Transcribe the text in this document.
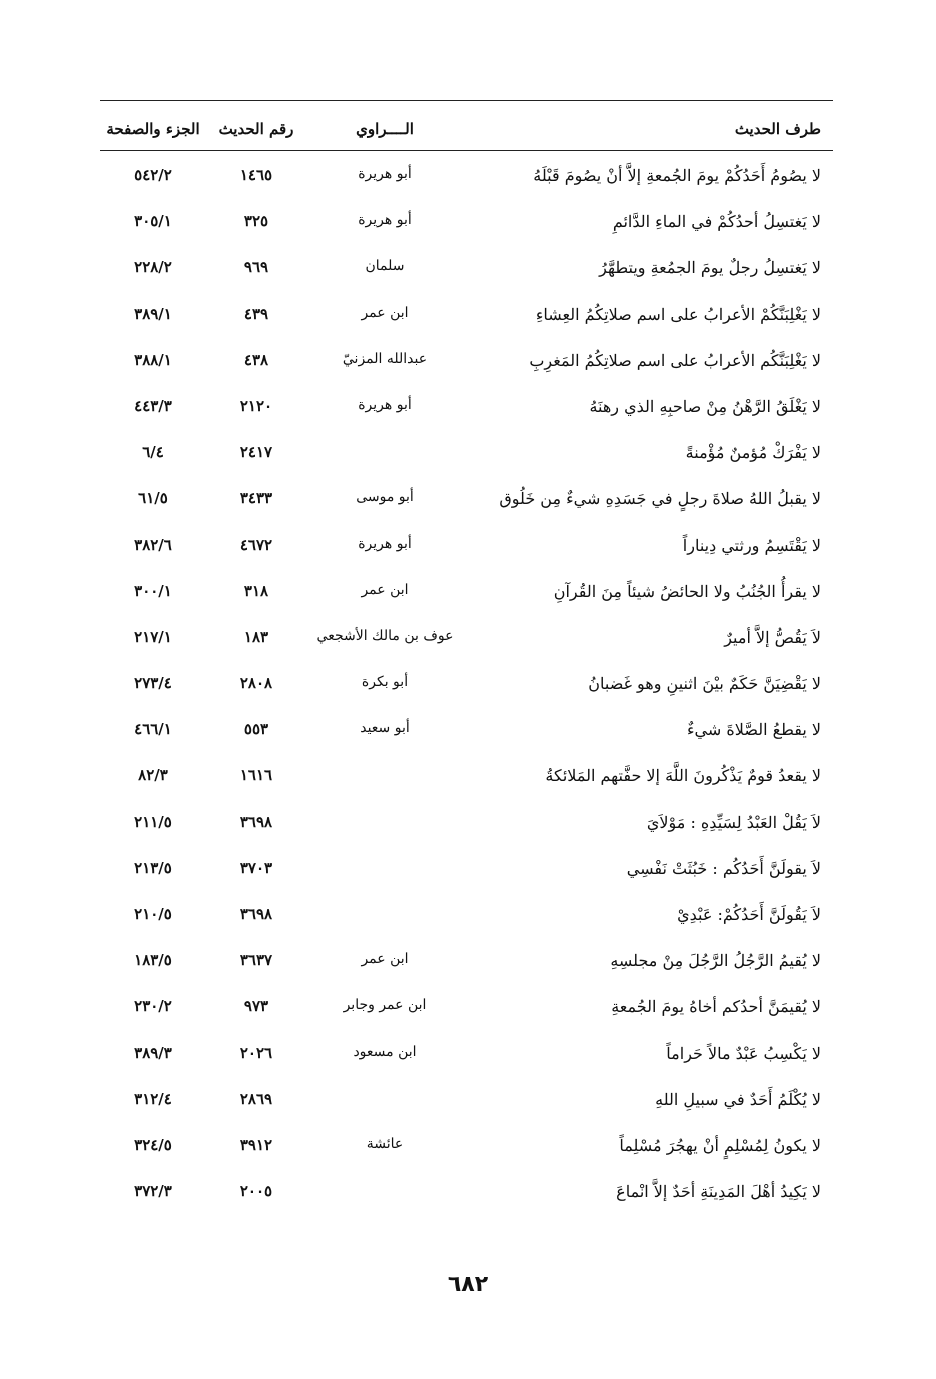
طرف الحديث
الــــراوي
رقم الحديث
الجزء والصفحة
لا يصُومُ أَحَدُكُمْ يومَ الجُمعةِ إلاَّ أنْ يصُومَ قَبْلَهُ
أبو هريرة
١٤٦٥
٥٤٢/٢
لا يَغتسِلُ أحدُكُمْ في الماءِ الدَّائمِ
أبو هريرة
٣٢٥
٣٠٥/١
لا يَغتسِلُ رجلٌ يومَ الجمُعةِ ويتطهَّرُ
سلمان
٩٦٩
٢٢٨/٢
لا يَغْلِبَنَّكُمْ الأعرابُ على اسم صلاتِكُمُ العِشاءِ
ابن عمر
٤٣٩
٣٨٩/١
لا يَغْلِبَنَّكُم الأعرابُ على اسم صلاتِكُمُ المَغرِبِ
عبدالله المزنيّ
٤٣٨
٣٨٨/١
لا يَغْلَقُ الرَّهْنُ مِنْ صاحبِهِ الذي رهنَهُ
أبو هريرة
٢١٢٠
٤٤٣/٣
لا يَفْرَكْ مُؤمنٌ مُؤْمنةً
٢٤١٧
٦/٤
لا يقبلُ اللهُ صلاةَ رجلٍ في جَسَدِهِ شيءٌ مِن خَلُوق
أبو موسى
٣٤٣٣
٦١/٥
لا يَقْتَسِمُ ورثتي دِيناراً
أبو هريرة
٤٦٧٢
٣٨٢/٦
لا يقرأُ الجُنُبُ ولا الحائضُ شيئاً مِنَ القُرآنِ
ابن عمر
٣١٨
٣٠٠/١
لاَ يَقُصُّ إلاَّ أميرٌ
عوف بن مالك الأشجعي
١٨٣
٢١٧/١
لا يَقْضِيَنَّ حَكَمٌ بيْنَ اثنينِ وهو غَضبانُ
أبو بكرة
٢٨٠٨
٢٧٣/٤
لا يقطعُ الصَّلاةَ شيءٌ
أبو سعيد
٥٥٣
٤٦٦/١
لا يقعدُ قومٌ يَذْكُرونَ اللَّهَ إلا حفَّتهم المَلائكةُ
١٦١٦
٨٢/٣
لاَ يَقُلْ العَبْدُ لِسَيِّدِهِ : مَوْلاَيَ
٣٦٩٨
٢١١/٥
لاَ يقولَنَّ أَحَدُكُم : خَبُثَتْ نَفْسِي
٣٧٠٣
٢١٣/٥
لاَ يَقُولَنَّ أَحَدُكُمْ: عَبْدِيْ
٣٦٩٨
٢١٠/٥
لا يُقيمُ الرَّجُلُ الرَّجُلَ مِنْ مجلسِهِ
ابن عمر
٣٦٣٧
١٨٣/٥
لا يُقيمَنَّ أحدُكم أخاهُ يومَ الجُمعةِ
ابن عمر وجابر
٩٧٣
٢٣٠/٢
لا يَكْسِبُ عَبْدٌ مالاً حَراماً
ابن مسعود
٢٠٢٦
٣٨٩/٣
لا يُكْلَمُ أَحَدٌ في سبيلِ اللهِ
٢٨٦٩
٣١٢/٤
لا يكونُ لِمُسْلِمٍ أنْ يهجُرَ مُسْلِماً
عائشة
٣٩١٢
٣٢٤/٥
لا يَكِيدُ أهْلَ المَدِينَةِ أحَدٌ إلاَّ انْماعَ
٢٠٠٥
٣٧٢/٣
٦٨٢
